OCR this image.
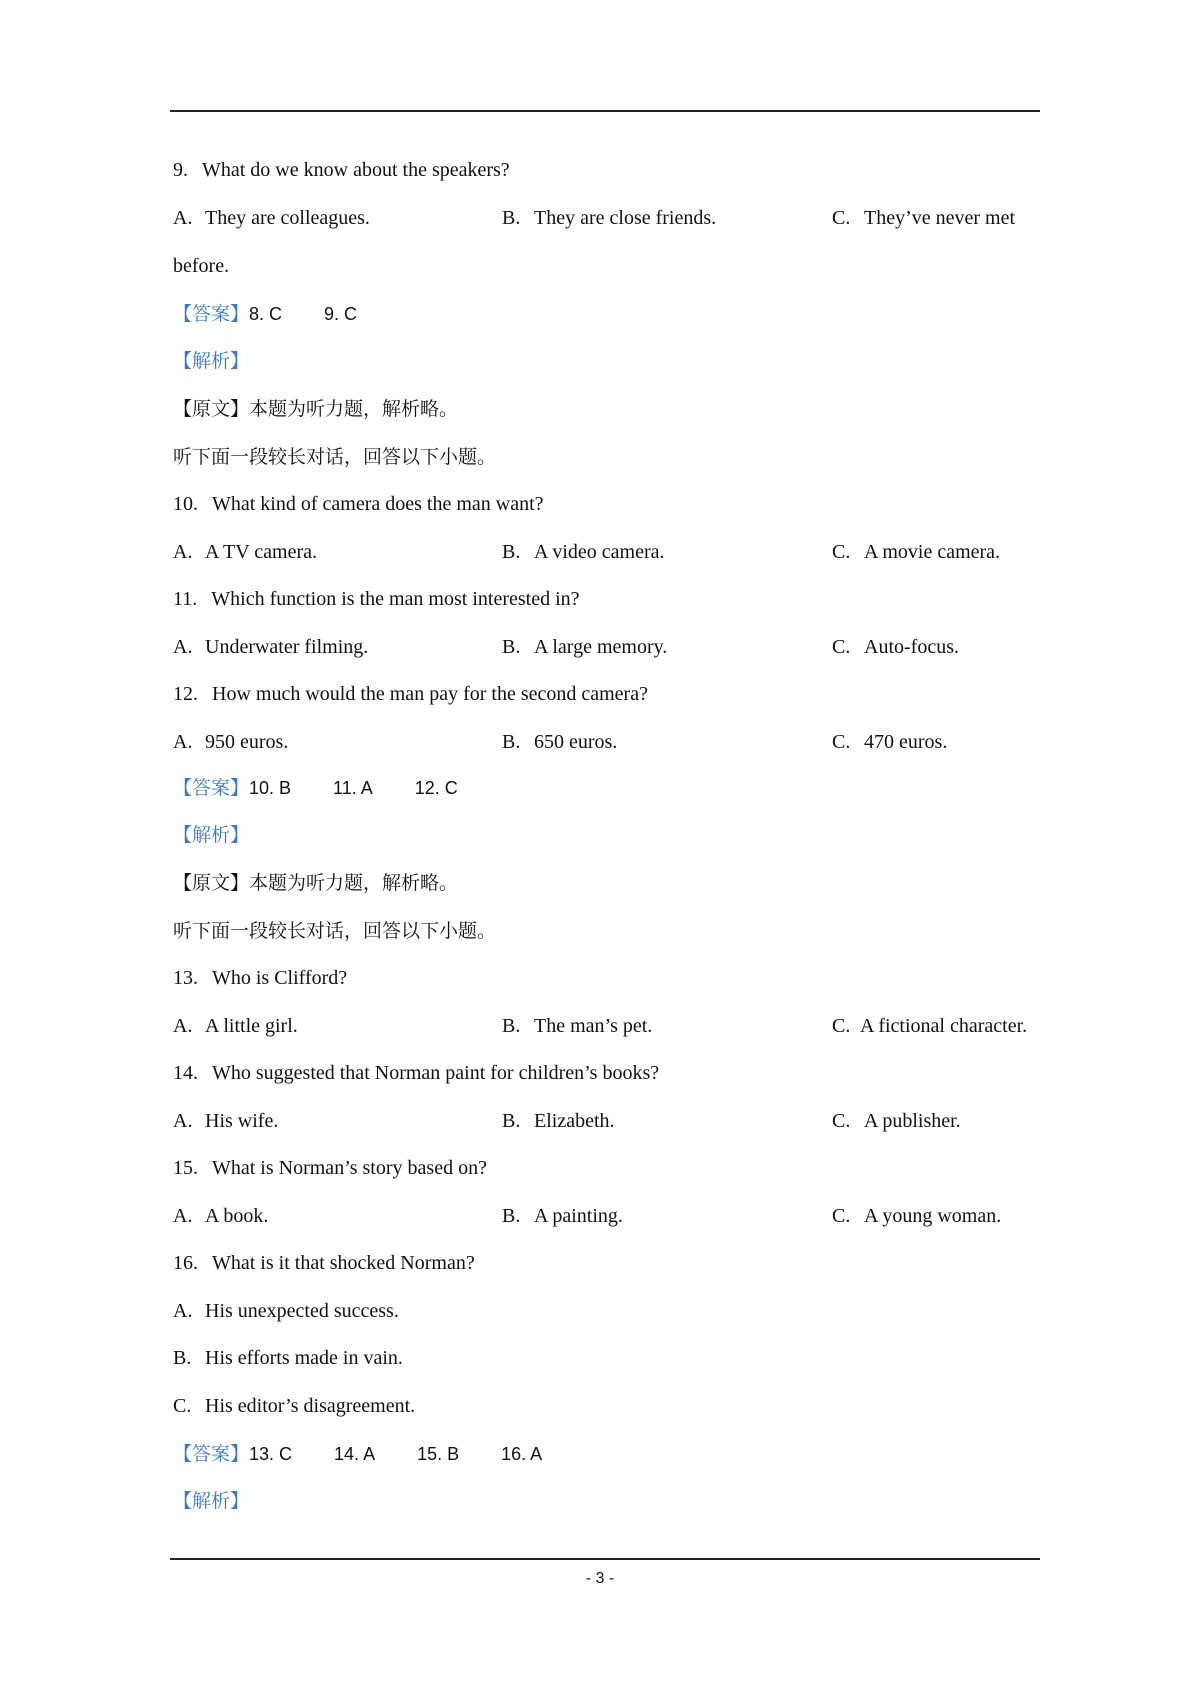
9. What do we know about the speakers?
A. They are colleagues.	B. They are close friends.	C. They’ve never met
before.
【答案】8. C 9. C
【解析】
【原文】本题为听力题，解析略。
听下面一段较长对话，回答以下小题。
10. What kind of camera does the man want?
A. A TV camera.	B. A video camera.	C. A movie camera.
11. Which function is the man most interested in?
A. Underwater filming.	B. A large memory.	C. Auto-focus.
12. How much would the man pay for the second camera?
A. 950 euros.	B. 650 euros.	C. 470 euros.
【答案】10. B 11. A 12. C
【解析】
【原文】本题为听力题，解析略。
听下面一段较长对话，回答以下小题。
13. Who is Clifford?
A. A little girl.	B. The man’s pet.	C. A fictional character.
14. Who suggested that Norman paint for children’s books?
A. His wife.	B. Elizabeth.	C. A publisher.
15. What is Norman’s story based on?
A. A book.	B. A painting.	C. A young woman.
16. What is it that shocked Norman?
A. His unexpected success.
B. His efforts made in vain.
C. His editor’s disagreement.
【答案】13. C 14. A 15. B 16. A
【解析】
- 3 -
